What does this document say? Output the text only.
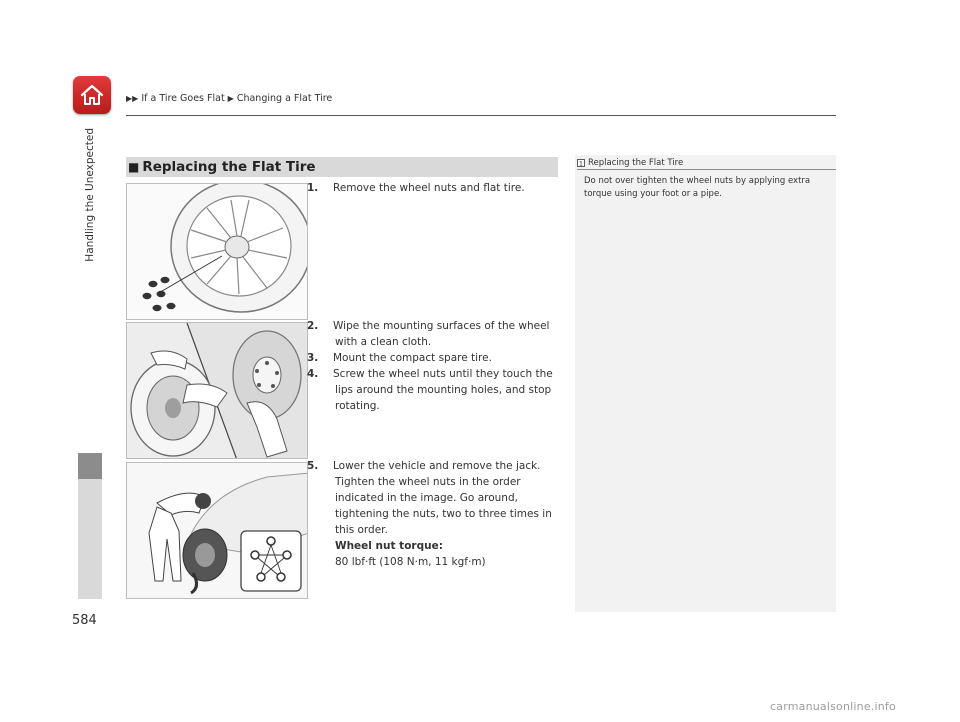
▶▶ If a Tire Goes Flat ▶ Changing a Flat Tire
Handling the Unexpected
584
■ Replacing the Flat Tire
1. Remove the wheel nuts and flat tire.
2. Wipe the mounting surfaces of the wheel with a clean cloth.
3. Mount the compact spare tire.
4. Screw the wheel nuts until they touch the lips around the mounting holes, and stop rotating.
5. Lower the vehicle and remove the jack. Tighten the wheel nuts in the order indicated in the image. Go around, tightening the nuts, two to three times in this order.
Wheel nut torque:
80 lbf·ft (108 N·m, 11 kgf·m)
1 Replacing the Flat Tire
Do not over tighten the wheel nuts by applying extra torque using your foot or a pipe.
carmanualsonline.info
